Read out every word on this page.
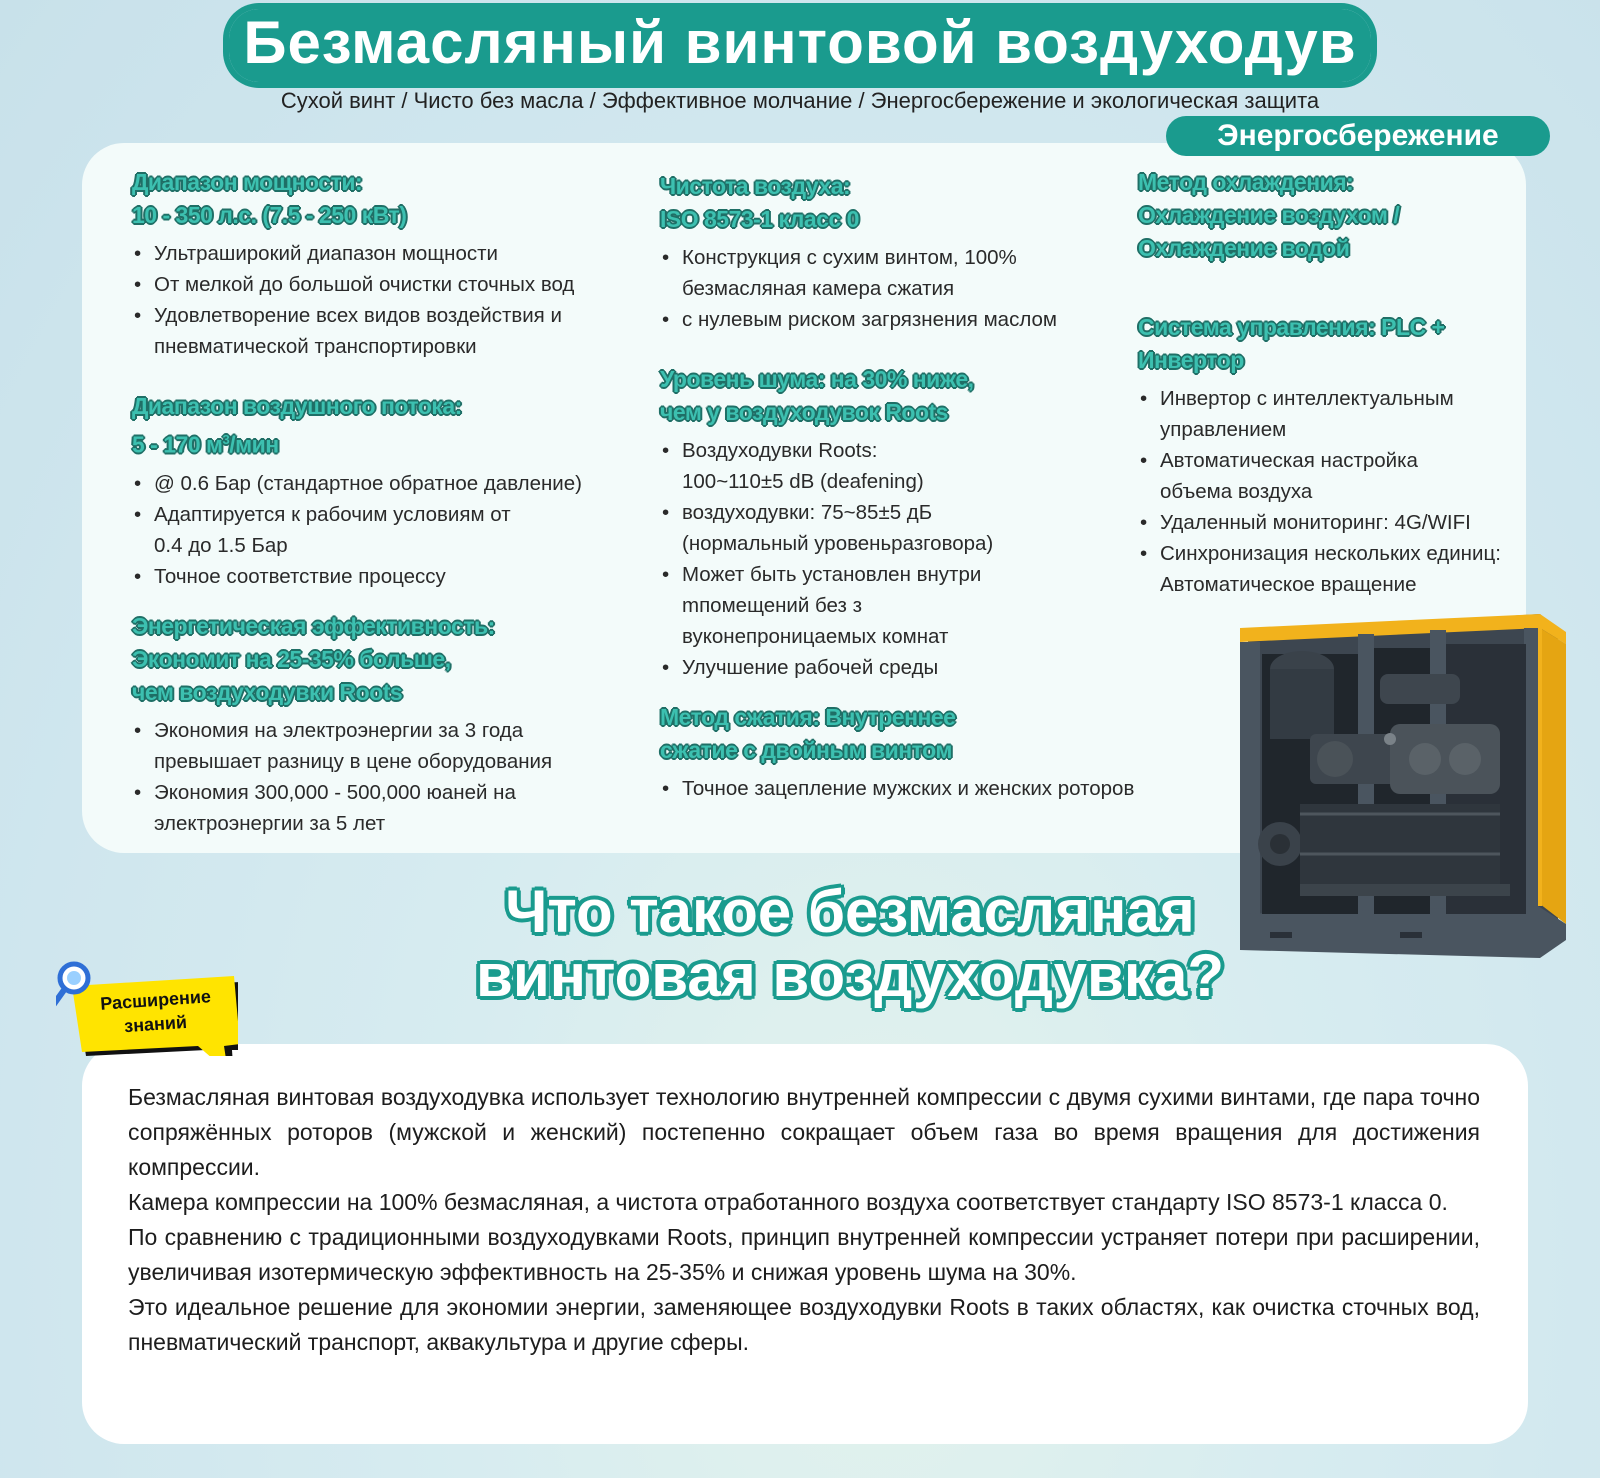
Безмасляный винтовой воздуходув
Сухой винт / Чисто без масла / Эффективное молчание / Энергосбережение и экологическая защита
Энергосбережение
Диапазон мощности:
10 - 350 л.с. (7.5 - 250 кВт)
• Ультраширокий диапазон мощности
• От мелкой до большой очистки сточных вод
• Удовлетворение всех видов воздействия и
пневматической транспортировки
Диапазон воздушного потока:
5 - 170 $м^3$/мин
• @ 0.6 Бар (стандартное обратное давление)
• Адаптируется к рабочим условиям от
0.4 до 1.5 Бар
• Точное соответствие процессу
Энергетическая эффективность:
Экономит на 25-35% больше,
чем воздуходувки Roots
• Экономия на электроэнергии за 3 года
превышает разницу в цене оборудования
• Экономия 300,000 - 500,000 юаней на
электроэнергии за 5 лет
Чистота воздуха:
ISO 8573-1 класс 0
• Конструкция с сухим винтом, 100%
безмасляная камера сжатия
• с нулевым риском загрязнения маслом
Уровень шума: на 30% ниже,
чем у воздуходувок Roots
• Воздуходувки Roots:
100~110±5 dB (deafening)
• воздуходувки: 75~85±5 дБ
(нормальный уровеньразговора)
• Может быть установлен внутри
mпомещений без з
вуконепроницаемых комнат
• Улучшение рабочей среды
Метод сжатия: Внутреннее
сжатие с двойным винтом
• Точное зацепление мужских и женских роторов
Метод охлаждения:
Охлаждение воздухом /
Охлаждение водой
Система управления: PLC +
Инвертор
• Инвертор с интеллектуальным
управлением
• Автоматическая настройка
объема воздуха
• Удаленный мониторинг: 4G/WIFI
• Синхронизация нескольких единиц:
Автоматическое вращение
Что такое безмасляная
винтовая воздуходувка?
Расширение
знаний

Безмасляная винтовая воздуходувка использует технологию внутренней компрессии с двумя сухими винтами, где пара точно сопряжённых роторов (мужской и женский) постепенно сокращает объем газа во время вращения для достижения компрессии.

Камера компрессии на 100% безмасляная, а чистота отработанного воздуха соответствует стандарту ISO 8573-1 класса 0.

По сравнению с традиционными воздуходувками Roots, принцип внутренней компрессии устраняет потери при расширении, увеличивая изотермическую эффективность на 25-35% и снижая уровень шума на 30%.

Это идеальное решение для экономии энергии, заменяющее воздуходувки Roots в таких областях, как очистка сточных вод, пневматический транспорт, аквакультура и другие сферы.
